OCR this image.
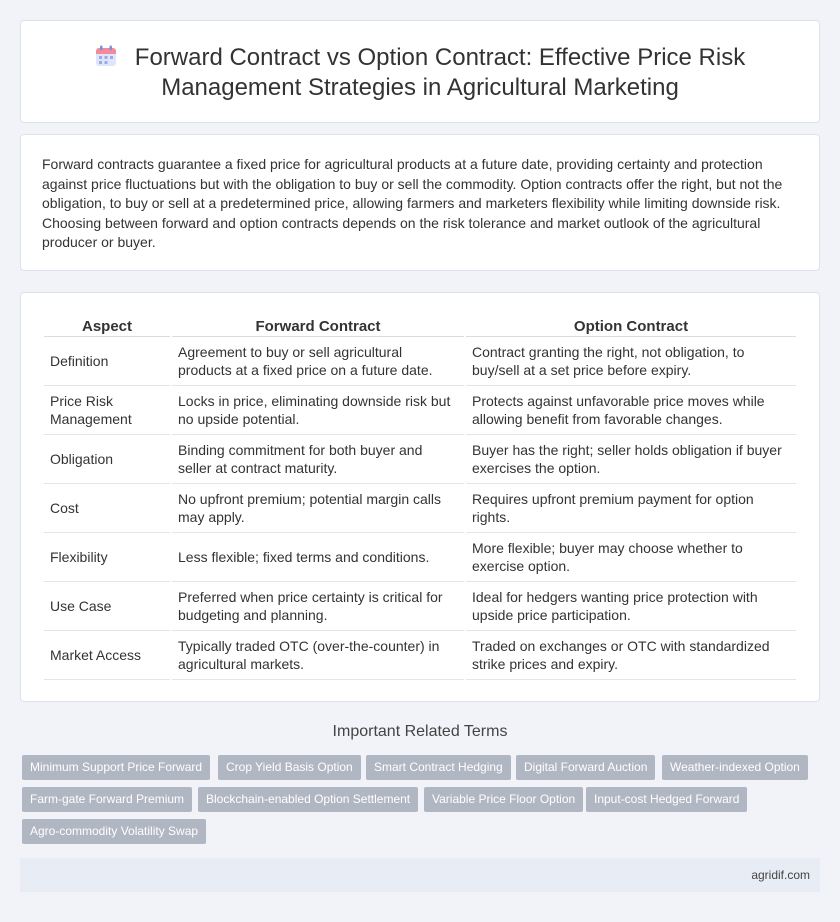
Forward Contract vs Option Contract: Effective Price Risk
Management Strategies in Agricultural Marketing

Forward contracts guarantee a fixed price for agricultural products at a future date, providing certainty and protection against price fluctuations but with the obligation to buy or sell the commodity. Option contracts offer the right, but not the obligation, to buy or sell at a predetermined price, allowing farmers and marketers flexibility while limiting downside risk. Choosing between forward and option contracts depends on the risk tolerance and market outlook of the agricultural producer or buyer.

Aspect	Forward Contract	Option Contract
Definition	Agreement to buy or sell agricultural products at a fixed price on a future date.	Contract granting the right, not obligation, to buy/sell at a set price before expiry.
Price Risk Management	Locks in price, eliminating downside risk but no upside potential.	Protects against unfavorable price moves while allowing benefit from favorable changes.
Obligation	Binding commitment for both buyer and seller at contract maturity.	Buyer has the right; seller holds obligation if buyer exercises the option.
Cost	No upfront premium; potential margin calls may apply.	Requires upfront premium payment for option rights.
Flexibility	Less flexible; fixed terms and conditions.	More flexible; buyer may choose whether to exercise option.
Use Case	Preferred when price certainty is critical for budgeting and planning.	Ideal for hedgers wanting price protection with upside price participation.
Market Access	Typically traded OTC (over-the-counter) in agricultural markets.	Traded on exchanges or OTC with standardized strike prices and expiry.
Important Related Terms
Minimum Support Price Forward	Crop Yield Basis Option	Smart Contract Hedging	Digital Forward Auction	Weather-indexed Option
Farm-gate Forward Premium	Blockchain-enabled Option Settlement	Variable Price Floor Option	Input-cost Hedged Forward
Agro-commodity Volatility Swap
agridif.com
